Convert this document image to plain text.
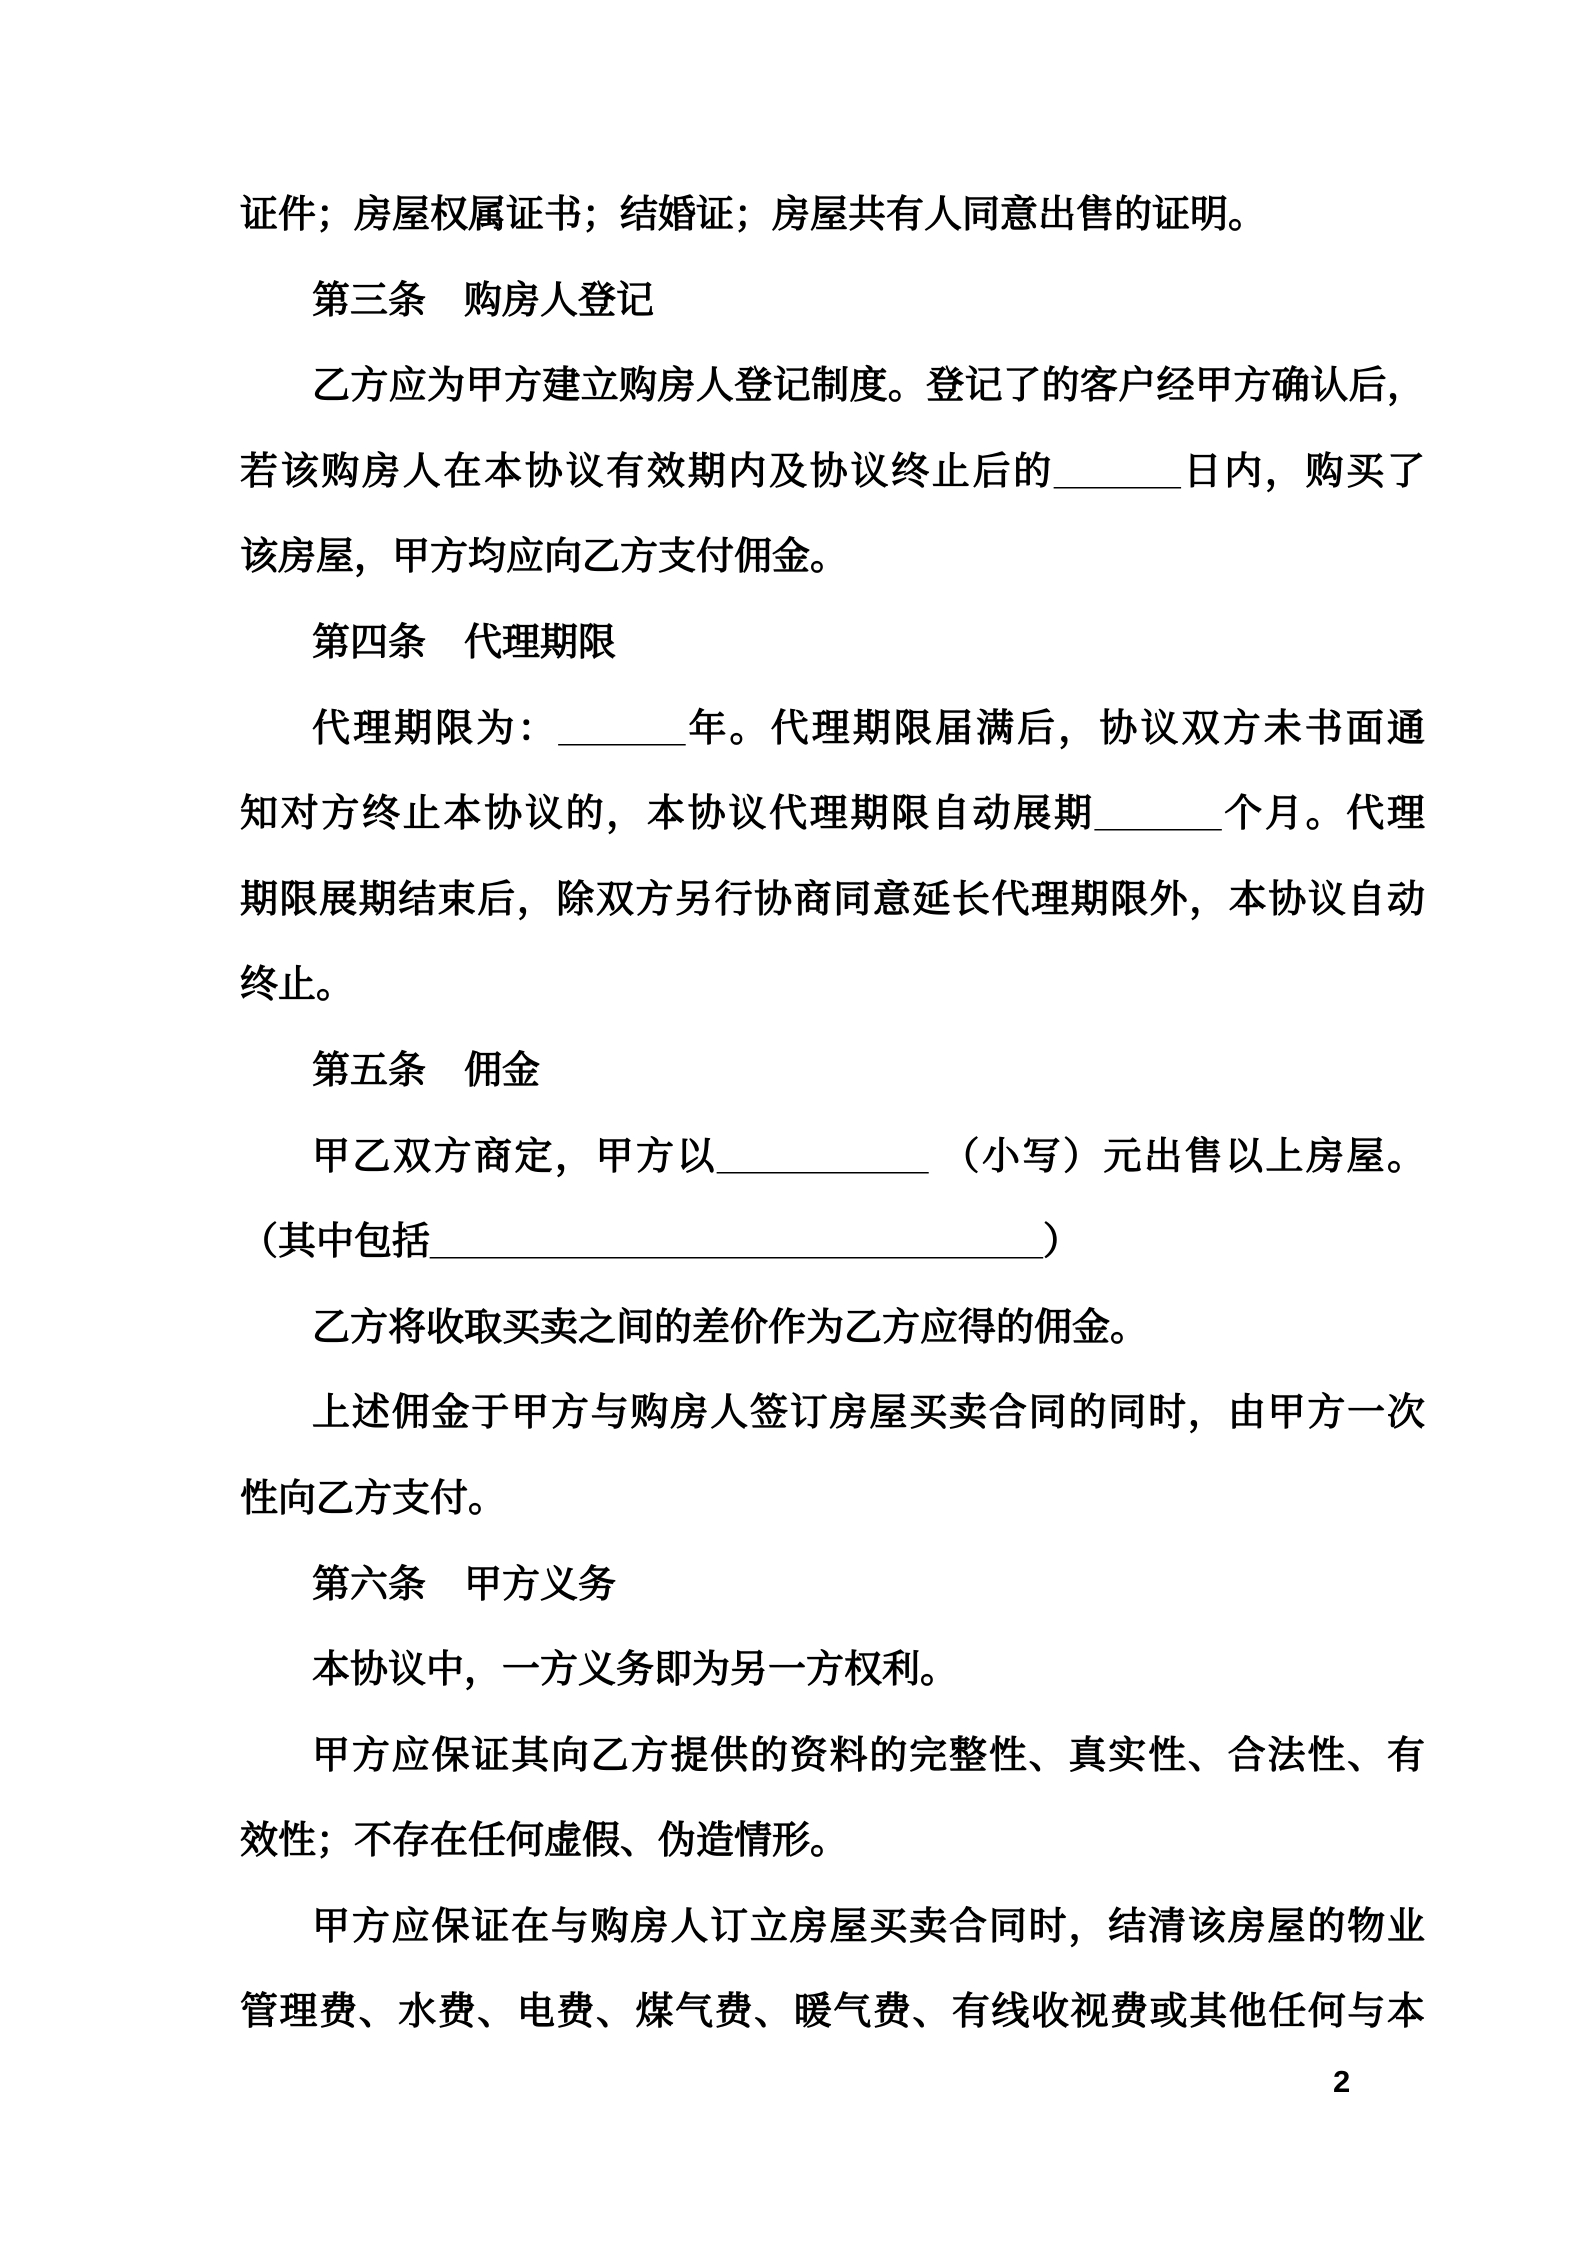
证件；房屋权属证书；结婚证；房屋共有人同意出售的证明。
第三条　购房人登记
乙方应为甲方建立购房人登记制度。登记了的客户经甲方确认后，
若该购房人在本协议有效期内及协议终止后的______日内，购买了
该房屋，甲方均应向乙方支付佣金。
第四条　代理期限
代理期限为：______年。代理期限届满后，协议双方未书面通
知对方终止本协议的，本协议代理期限自动展期______个月。代理
期限展期结束后，除双方另行协商同意延长代理期限外，本协议自动
终止。
第五条　佣金
甲乙双方商定，甲方以__________ （小写）元出售以上房屋。
（其中包括_____________________________）
乙方将收取买卖之间的差价作为乙方应得的佣金。
上述佣金于甲方与购房人签订房屋买卖合同的同时，由甲方一次
性向乙方支付。
第六条　甲方义务
本协议中，一方义务即为另一方权利。
甲方应保证其向乙方提供的资料的完整性、真实性、合法性、有
效性；不存在任何虚假、伪造情形。
甲方应保证在与购房人订立房屋买卖合同时，结清该房屋的物业
管理费、水费、电费、煤气费、暖气费、有线收视费或其他任何与本
2
